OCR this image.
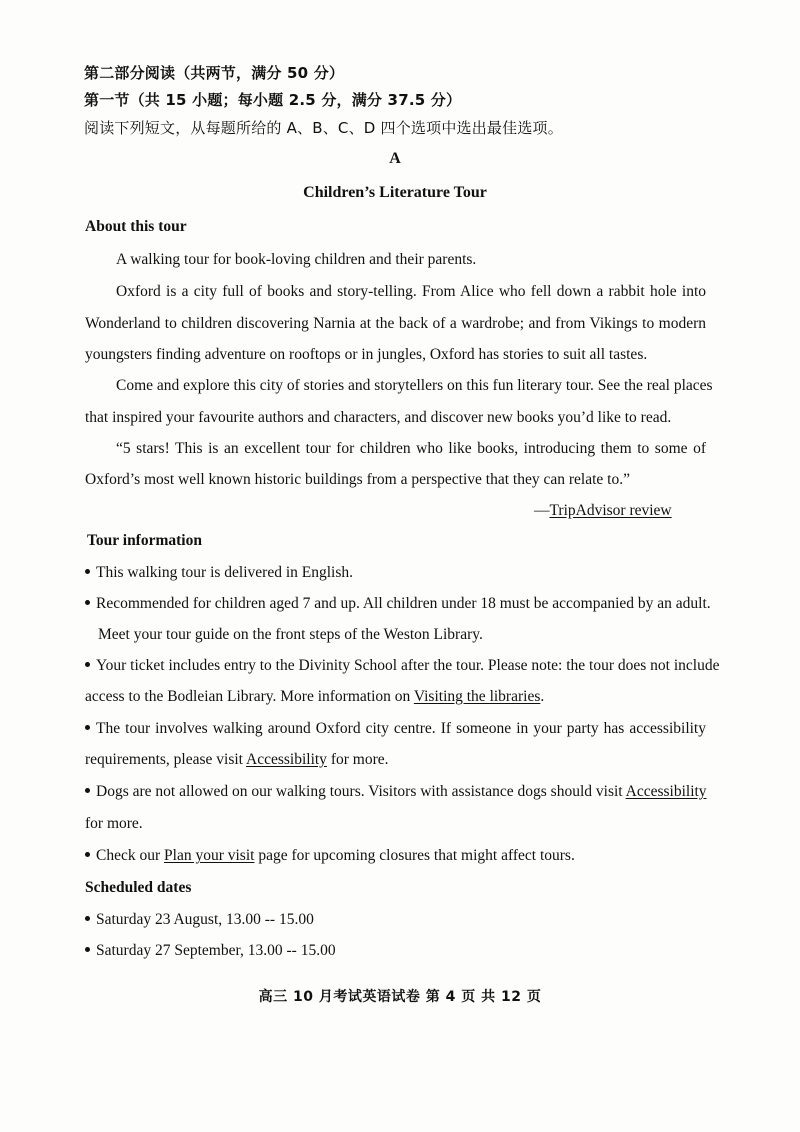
第二部分阅读（共两节，满分 50 分）
第一节（共 15 小题；每小题 2.5 分，满分 37.5 分）
阅读下列短文，从每题所给的 A、B、C、D 四个选项中选出最佳选项。
A
Children’s Literature Tour
About this tour
A walking tour for book-loving children and their parents.
Oxford is a city full of books and story-telling. From Alice who fell down a rabbit hole into
Wonderland to children discovering Narnia at the back of a wardrobe; and from Vikings to modern
youngsters finding adventure on rooftops or in jungles, Oxford has stories to suit all tastes.
Come and explore this city of stories and storytellers on this fun literary tour. See the real places
that inspired your favourite authors and characters, and discover new books you’d like to read.
“5 stars! This is an excellent tour for children who like books, introducing them to some of
Oxford’s most well known historic buildings from a perspective that they can relate to.”
—TripAdvisor review
Tour information
This walking tour is delivered in English.
Recommended for children aged 7 and up. All children under 18 must be accompanied by an adult.
Meet your tour guide on the front steps of the Weston Library.
Your ticket includes entry to the Divinity School after the tour. Please note: the tour does not include
access to the Bodleian Library. More information on Visiting the libraries.
The tour involves walking around Oxford city centre. If someone in your party has accessibility
requirements, please visit Accessibility for more.
Dogs are not allowed on our walking tours. Visitors with assistance dogs should visit Accessibility
for more.
Check our Plan your visit page for upcoming closures that might affect tours.
Scheduled dates
Saturday 23 August, 13.00 -- 15.00
Saturday 27 September, 13.00 -- 15.00
高三 10 月考试英语试卷 第 4 页 共 12 页
